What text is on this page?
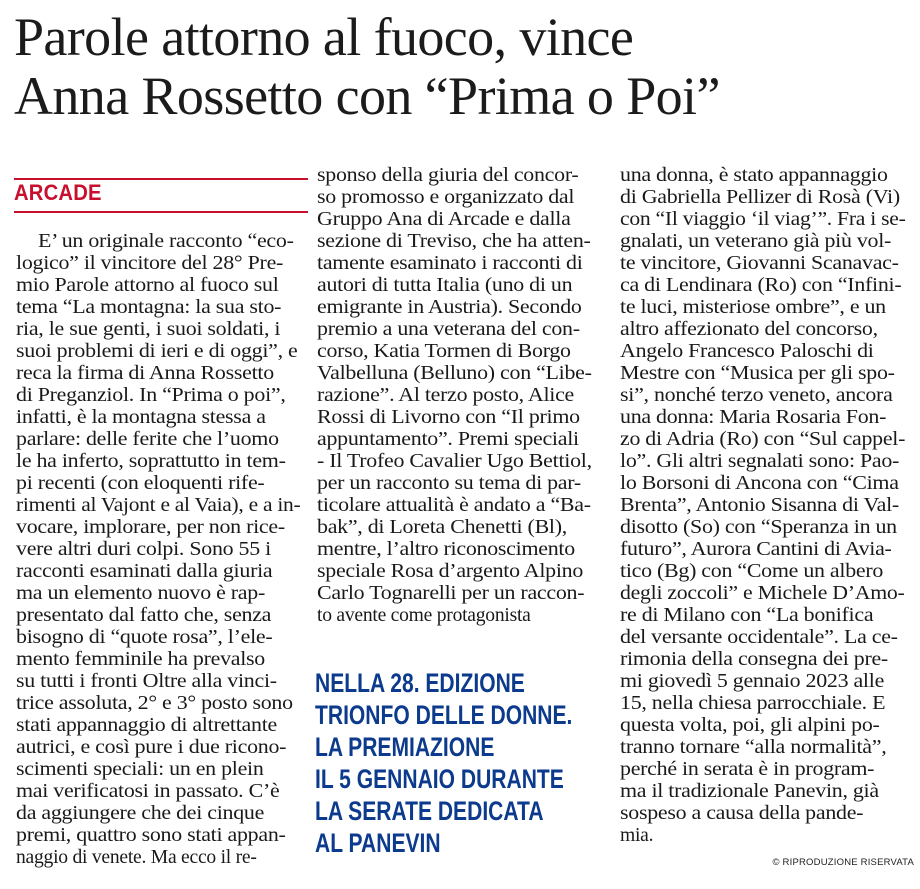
Parole attorno al fuoco, vince
Anna Rossetto con “Prima o Poi”
ARCADE
E’ un originale racconto “eco-
logico” il vincitore del 28° Pre-
mio Parole attorno al fuoco sul
tema “La montagna: la sua sto-
ria, le sue genti, i suoi soldati, i
suoi problemi di ieri e di oggi”, e
reca la firma di Anna Rossetto
di Preganziol. In “Prima o poi”,
infatti, è la montagna stessa a
parlare: delle ferite che l’uomo
le ha inferto, soprattutto in tem-
pi recenti (con eloquenti rife-
rimenti al Vajont e al Vaia), e a in-
vocare, implorare, per non rice-
vere altri duri colpi. Sono 55 i
racconti esaminati dalla giuria
ma un elemento nuovo è rap-
presentato dal fatto che, senza
bisogno di “quote rosa”, l’ele-
mento femminile ha prevalso
su tutti i fronti Oltre alla vinci-
trice assoluta, 2° e 3° posto sono
stati appannaggio di altrettante
autrici, e così pure i due ricono-
scimenti speciali: un en plein
mai verificatosi in passato. C’è
da aggiungere che dei cinque
premi, quattro sono stati appan-
naggio di venete. Ma ecco il re-
sponso della giuria del concor-
so promosso e organizzato dal
Gruppo Ana di Arcade e dalla
sezione di Treviso, che ha atten-
tamente esaminato i racconti di
autori di tutta Italia (uno di un
emigrante in Austria). Secondo
premio a una veterana del con-
corso, Katia Tormen di Borgo
Valbelluna (Belluno) con “Libe-
razione”. Al terzo posto, Alice
Rossi di Livorno con “Il primo
appuntamento”. Premi speciali
- Il Trofeo Cavalier Ugo Bettiol,
per un racconto su tema di par-
ticolare attualità è andato a “Ba-
bak”, di Loreta Chenetti (Bl),
mentre, l’altro riconoscimento
speciale Rosa d’argento Alpino
Carlo Tognarelli per un raccon-
to avente come protagonista
una donna, è stato appannaggio
di Gabriella Pellizer di Rosà (Vi)
con “Il viaggio ‘il viag’”. Fra i se-
gnalati, un veterano già più vol-
te vincitore, Giovanni Scanavac-
ca di Lendinara (Ro) con “Infini-
te luci, misteriose ombre”, e un
altro affezionato del concorso,
Angelo Francesco Paloschi di
Mestre con “Musica per gli spo-
si”, nonché terzo veneto, ancora
una donna: Maria Rosaria Fon-
zo di Adria (Ro) con “Sul cappel-
lo”. Gli altri segnalati sono: Pao-
lo Borsoni di Ancona con “Cima
Brenta”, Antonio Sisanna di Val-
disotto (So) con “Speranza in un
futuro”, Aurora Cantini di Avia-
tico (Bg) con “Come un albero
degli zoccoli” e Michele D’Amo-
re di Milano con “La bonifica
del versante occidentale”. La ce-
rimonia della consegna dei pre-
mi giovedì 5 gennaio 2023 alle
15, nella chiesa parrocchiale. E
questa volta, poi, gli alpini po-
tranno tornare “alla normalità”,
perché in serata è in program-
ma il tradizionale Panevin, già
sospeso a causa della pande-
mia.
NELLA 28. EDIZIONE
TRIONFO DELLE DONNE.
LA PREMIAZIONE
IL 5 GENNAIO DURANTE
LA SERATE DEDICATA
AL PANEVIN
© RIPRODUZIONE RISERVATA
